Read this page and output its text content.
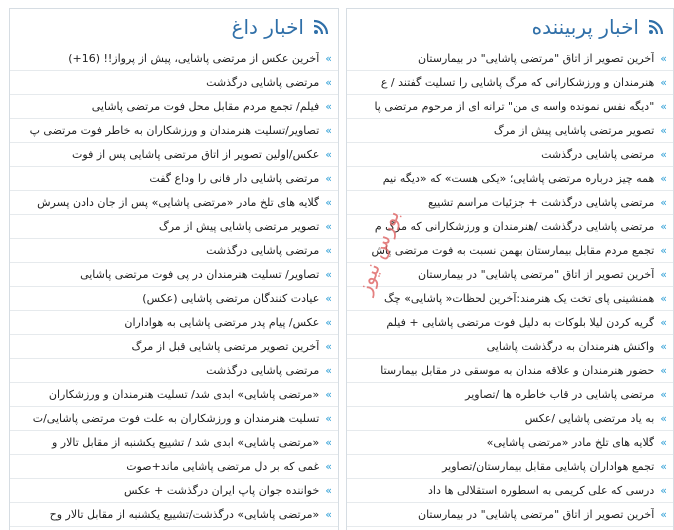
اخبار پربیننده
»
آخرین تصویر از اتاق "مرتضی پاشایی" در بیمارستان
»
هنرمندان و ورزشکارانی که مرگ پاشایی را تسلیت گفتند / ع
»
"دیگه نفس نمونده واسه ی من" ترانه ای از مرحوم مرتضی پا
»
تصویر مرتضی پاشایی پیش از مرگ
»
مرتضی پاشایی درگذشت
»
همه چیز درباره مرتضی پاشایی؛ «یکی هست» که «دیگه نیم
»
مرتضی پاشایی درگذشت + جزئیات مراسم تشییع
»
مرتضی پاشایی درگذشت /هنرمندان و ورزشکارانی که مرگ م
»
تجمع مردم مقابل بیمارستان بهمن نسبت به فوت مرتضی پاش
»
آخرین تصویر از اتاق "مرتضی پاشایی" در بیمارستان
»
همنشینی پای تخت یک هنرمند:آخرین لحظات« پاشایی» چگ
»
گریه کردن لیلا بلوکات به دلیل فوت مرتضی پاشایی + فیلم
»
واکنش هنرمندان به درگذشت پاشایی
»
حضور هنرمندان و علاقه مندان به موسقی در مقابل بیمارستا
»
مرتضی پاشایی در قاب خاطره ها /تصاویر
»
به یاد مرتضی پاشایی /عکس
»
گلایه های تلخ مادر «مرتضی پاشایی»
»
تجمع هواداران پاشایی مقابل بیمارستان/تصاویر
»
درسی که علی کریمی به اسطوره استقلالی ها داد
»
آخرین تصویر از اتاق "مرتضی پاشایی" در بیمارستان
اخبار داغ
»
آخرین عکس از مرتضی پاشایی، پیش از پرواز!! (16+)
»
مرتضی پاشایی درگذشت
»
فیلم/ تجمع مردم مقابل محل فوت مرتضی پاشایی
»
تصاویر/تسلیت هنرمندان و ورزشکاران به خاطر فوت مرتضی پ
»
عکس/اولین تصویر از اتاق مرتضی پاشایی پس از فوت
»
مرتضی پاشایی دار فانی را وداع گفت
»
گلایه های تلخ مادر «مرتضی پاشایی» پس از جان دادن پسرش
»
تصویر مرتضی پاشایی پیش از مرگ
»
مرتضی پاشایی درگذشت
»
تصاویر/ تسلیت هنرمندان در پی فوت مرتضی پاشایی
»
عیادت کنندگان مرتضی پاشایی (عکس)
»
عکس/ پیام پدر مرتضی پاشایی به هواداران
»
آخرین تصویر مرتضی پاشایی قبل از مرگ
»
مرتضی پاشایی درگذشت
»
«مرتضی پاشایی» ابدی شد/ تسلیت هنرمندان و ورزشکاران
»
تسلیت هنرمندان و ورزشکاران به علت فوت مرتضی پاشایی/ت
»
«مرتضی پاشایی» ابدی شد / تشییع یکشنبه از مقابل تالار و
»
غمی که بر دل مرتضی پاشایی ماند+صوت
»
خواننده جوان پاپ ایران درگذشت + عکس
»
«مرتضی پاشایی» درگذشت/تشییع یکشنبه از مقابل تالار وح
بورس نیوز
